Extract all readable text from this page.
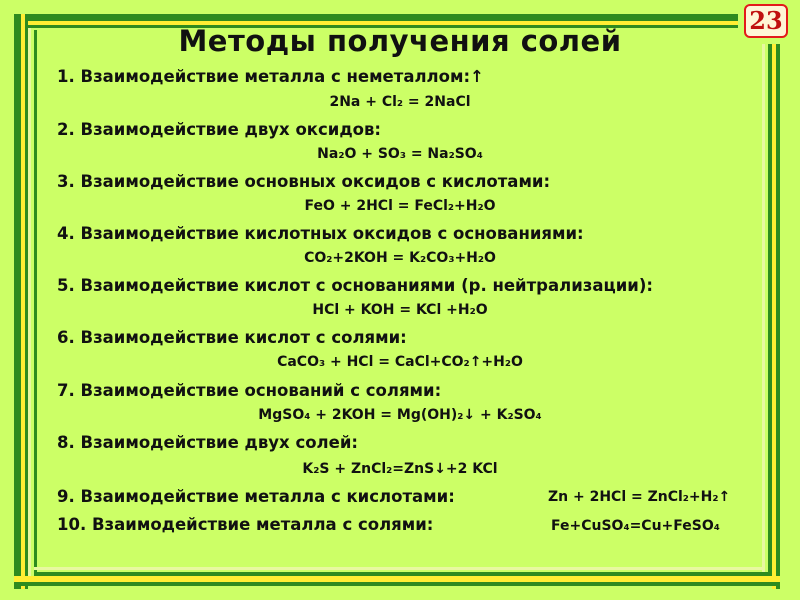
23
Методы получения солей
1. Взаимодействие металла с неметаллом:↑
2Na + Cl₂ = 2NaCl
2. Взаимодействие двух оксидов:
Na₂O + SO₃ = Na₂SO₄
3. Взаимодействие основных оксидов с кислотами:
FeO + 2HCl = FeCl₂+H₂O
4. Взаимодействие кислотных оксидов с основаниями:
CO₂+2KOH = K₂CO₃+H₂O
5. Взаимодействие кислот с основаниями (р. нейтрализации):
HCl + KOH = KCl +H₂O
6. Взаимодействие кислот с солями:
CaCO₃ + HCl = CaCl+CO₂↑+H₂O
7. Взаимодействие оснований с солями:
MgSO₄ + 2KOH = Mg(OH)₂↓ + K₂SO₄
8. Взаимодействие двух солей:
K₂S + ZnCl₂=ZnS↓+2 KCl
9. Взаимодействие металла с кислотами:	Zn + 2HCl = ZnCl₂+H₂↑
10. Взаимодействие металла с солями:	Fe+CuSO₄=Cu+FeSO₄
